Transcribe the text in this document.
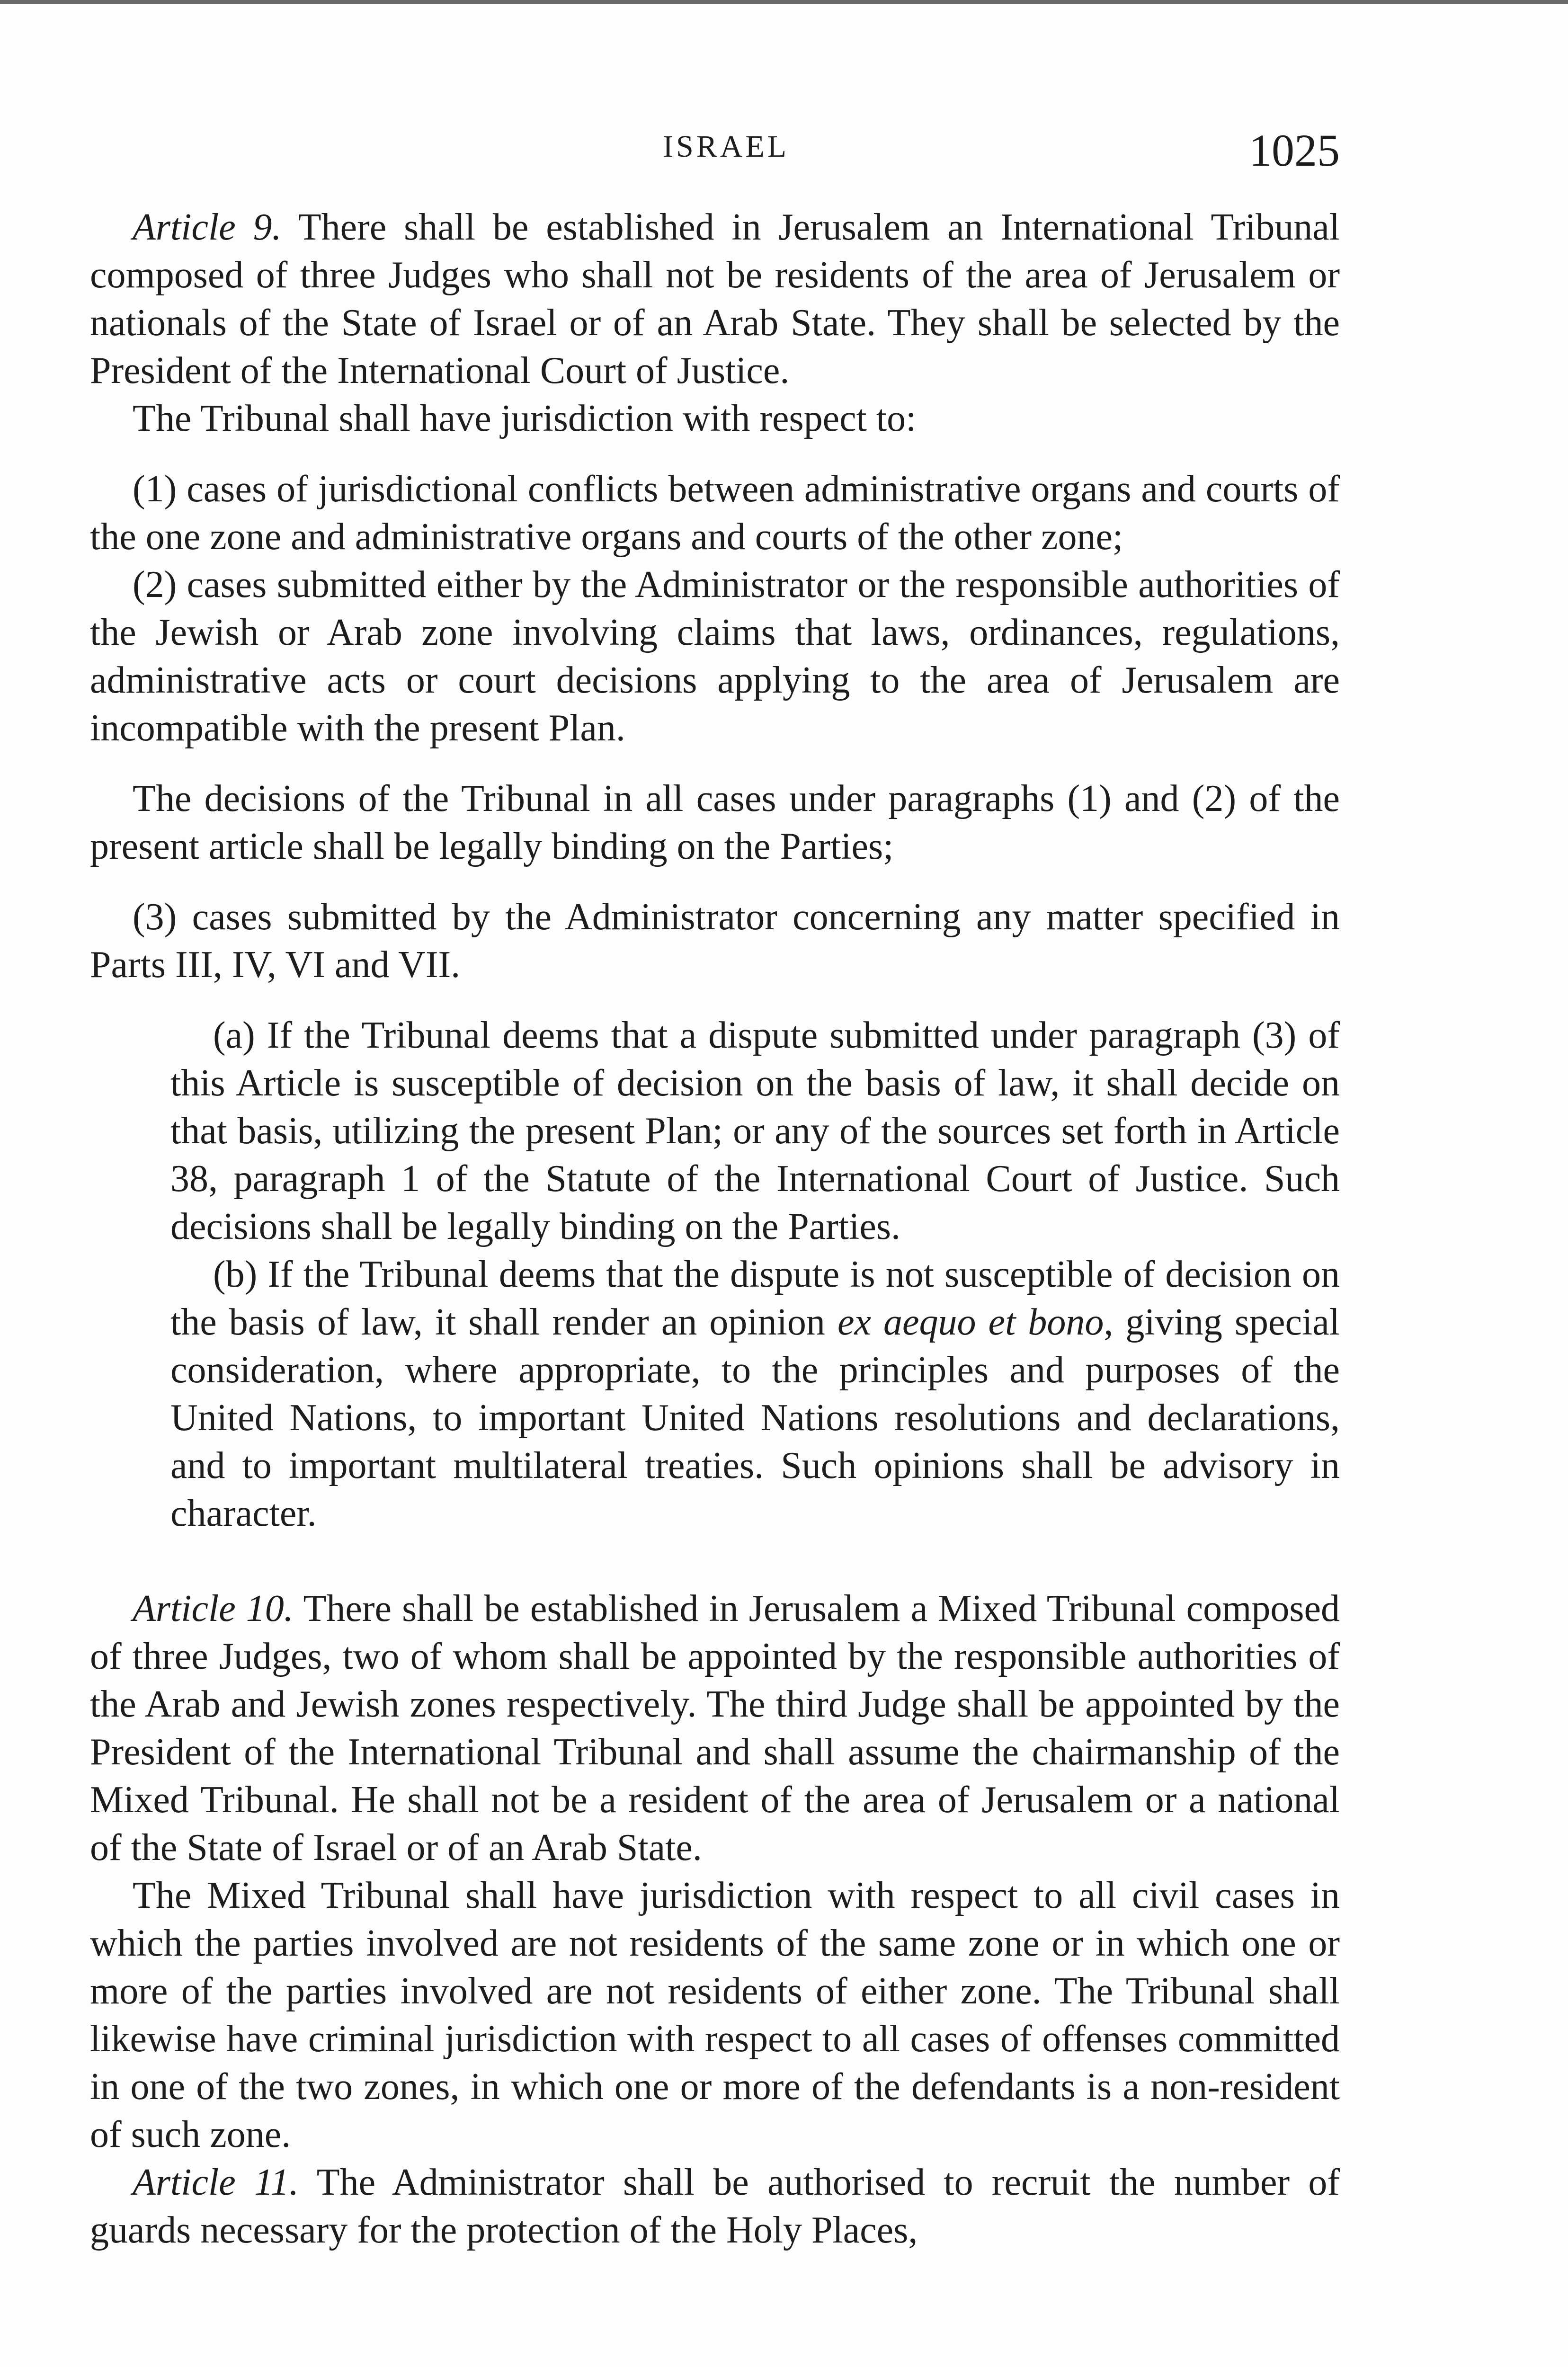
ISRAEL	1025

Article 9. There shall be established in Jerusalem an International Tribunal composed of three Judges who shall not be residents of the area of Jerusalem or nationals of the State of Israel or of an Arab State. They shall be selected by the President of the International Court of Justice.

The Tribunal shall have jurisdiction with respect to:

(1) cases of jurisdictional conflicts between administrative organs and courts of the one zone and administrative organs and courts of the other zone;

(2) cases submitted either by the Administrator or the responsible authorities of the Jewish or Arab zone involving claims that laws, ordinances, regulations, administrative acts or court decisions applying to the area of Jerusalem are incompatible with the present Plan.

The decisions of the Tribunal in all cases under paragraphs (1) and (2) of the present article shall be legally binding on the Parties;

(3) cases submitted by the Administrator concerning any matter specified in Parts III, IV, VI and VII.

(a) If the Tribunal deems that a dispute submitted under paragraph (3) of this Article is susceptible of decision on the basis of law, it shall decide on that basis, utilizing the present Plan; or any of the sources set forth in Article 38, paragraph 1 of the Statute of the International Court of Justice. Such decisions shall be legally binding on the Parties.

(b) If the Tribunal deems that the dispute is not susceptible of decision on the basis of law, it shall render an opinion ex aequo et bono, giving special consideration, where appropriate, to the principles and purposes of the United Nations, to important United Nations resolutions and declarations, and to important multilateral treaties. Such opinions shall be advisory in character.

Article 10. There shall be established in Jerusalem a Mixed Tribunal composed of three Judges, two of whom shall be appointed by the responsible authorities of the Arab and Jewish zones respectively. The third Judge shall be appointed by the President of the International Tribunal and shall assume the chairmanship of the Mixed Tribunal. He shall not be a resident of the area of Jerusalem or a national of the State of Israel or of an Arab State.

The Mixed Tribunal shall have jurisdiction with respect to all civil cases in which the parties involved are not residents of the same zone or in which one or more of the parties involved are not residents of either zone. The Tribunal shall likewise have criminal jurisdiction with respect to all cases of offenses committed in one of the two zones, in which one or more of the defendants is a non-resident of such zone.

Article 11. The Administrator shall be authorised to recruit the number of guards necessary for the protection of the Holy Places,
